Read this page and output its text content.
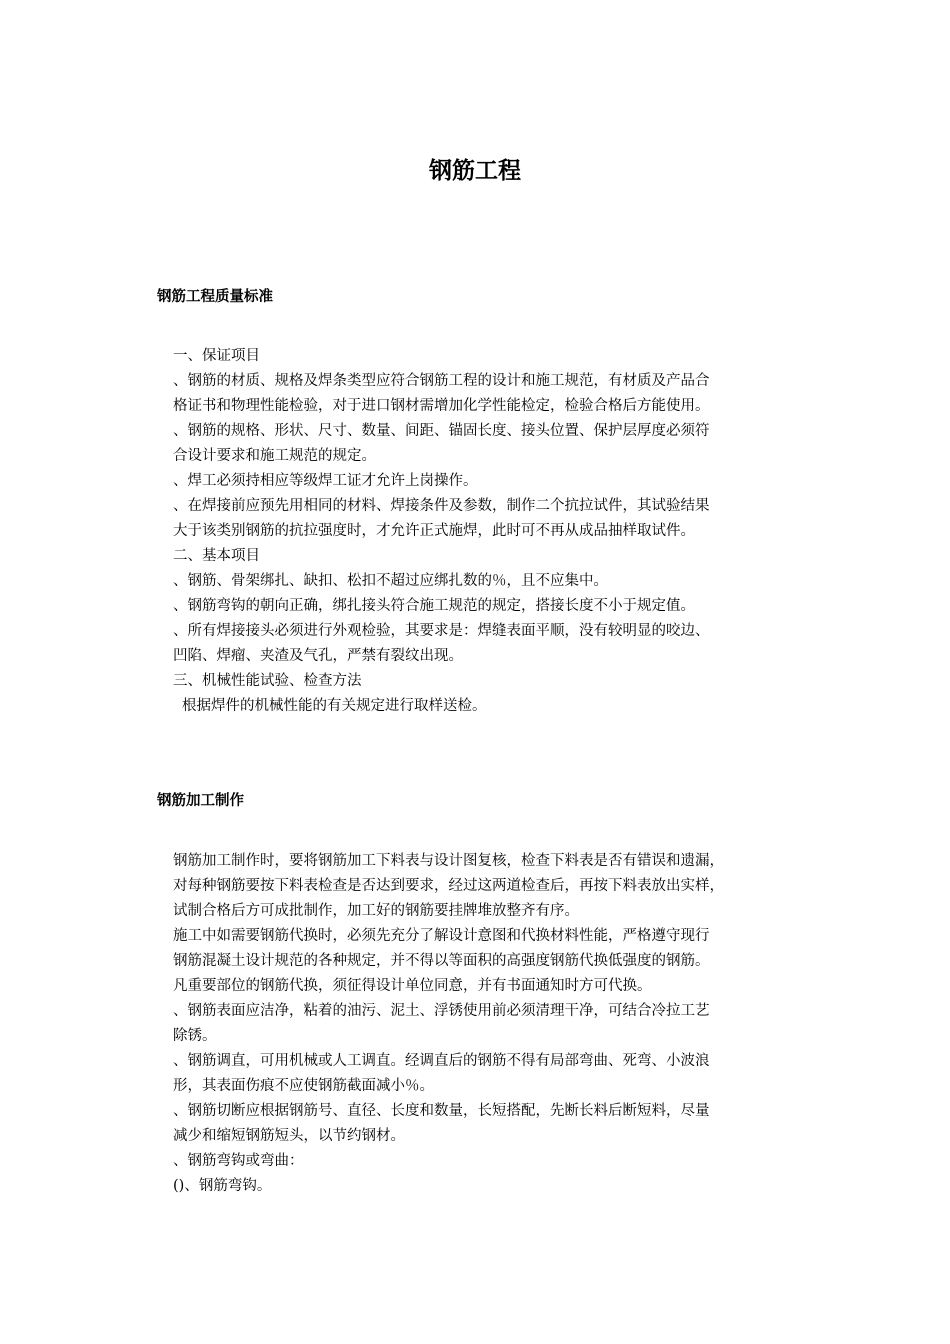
钢筋工程
钢筋工程质量标准
一、保证项目
、钢筋的材质、规格及焊条类型应符合钢筋工程的设计和施工规范，有材质及产品合
格证书和物理性能检验，对于进口钢材需增加化学性能检定，检验合格后方能使用。
、钢筋的规格、形状、尺寸、数量、间距、锚固长度、接头位置、保护层厚度必须符
合设计要求和施工规范的规定。
、焊工必须持相应等级焊工证才允许上岗操作。
、在焊接前应预先用相同的材料、焊接条件及参数，制作二个抗拉试件，其试验结果
大于该类别钢筋的抗拉强度时，才允许正式施焊，此时可不再从成品抽样取试件。
二、基本项目
、钢筋、骨架绑扎、缺扣、松扣不超过应绑扎数的％，且不应集中。
、钢筋弯钩的朝向正确，绑扎接头符合施工规范的规定，搭接长度不小于规定值。
、所有焊接接头必须进行外观检验，其要求是：焊缝表面平顺，没有较明显的咬边、
凹陷、焊瘤、夹渣及气孔，严禁有裂纹出现。
三、机械性能试验、检查方法
根据焊件的机械性能的有关规定进行取样送检。
钢筋加工制作
钢筋加工制作时，要将钢筋加工下料表与设计图复核，检查下料表是否有错误和遗漏，
对每种钢筋要按下料表检查是否达到要求，经过这两道检查后，再按下料表放出实样，
试制合格后方可成批制作，加工好的钢筋要挂牌堆放整齐有序。
施工中如需要钢筋代换时，必须先充分了解设计意图和代换材料性能，严格遵守现行
钢筋混凝土设计规范的各种规定，并不得以等面积的高强度钢筋代换低强度的钢筋。
凡重要部位的钢筋代换，须征得设计单位同意，并有书面通知时方可代换。
、钢筋表面应洁净，粘着的油污、泥土、浮锈使用前必须清理干净，可结合冷拉工艺
除锈。
、钢筋调直，可用机械或人工调直。经调直后的钢筋不得有局部弯曲、死弯、小波浪
形，其表面伤痕不应使钢筋截面减小％。
、钢筋切断应根据钢筋号、直径、长度和数量，长短搭配，先断长料后断短料，尽量
减少和缩短钢筋短头，以节约钢材。
、钢筋弯钩或弯曲：
()、钢筋弯钩。
